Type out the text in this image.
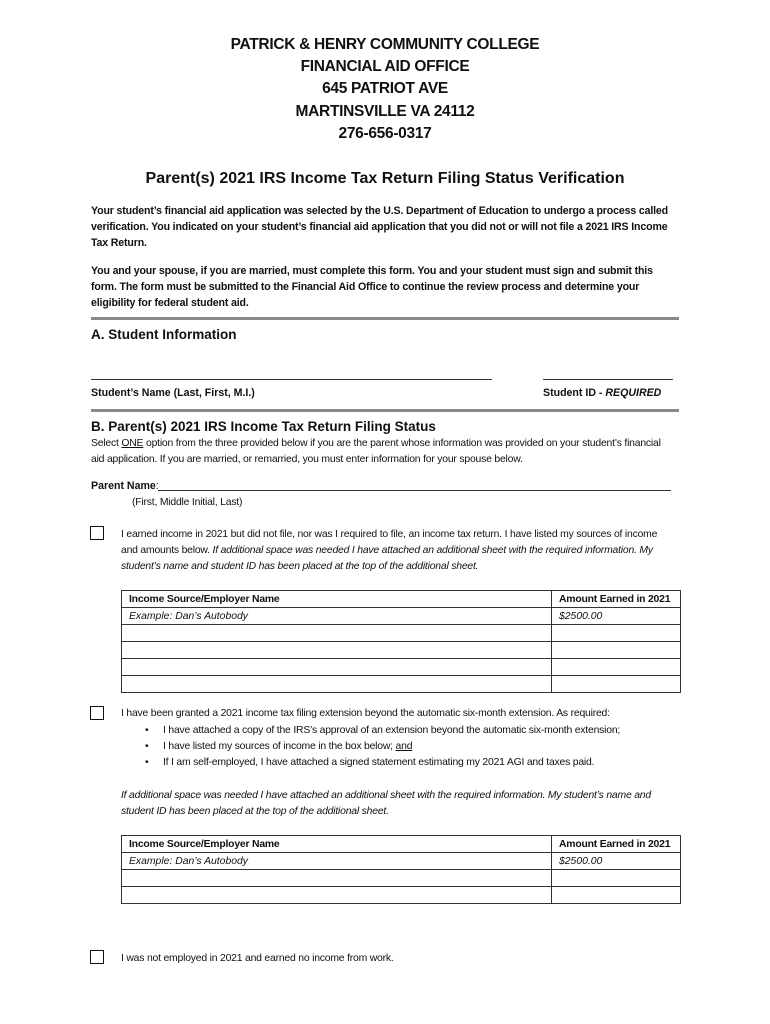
PATRICK & HENRY COMMUNITY COLLEGE
FINANCIAL AID OFFICE
645 PATRIOT AVE
MARTINSVILLE VA 24112
276-656-0317
Parent(s) 2021 IRS Income Tax Return Filing Status Verification
Your student’s financial aid application was selected by the U.S. Department of Education to undergo a process called verification. You indicated on your student’s financial aid application that you did not or will not file a 2021 IRS Income Tax Return.
You and your spouse, if you are married, must complete this form. You and your student must sign and submit this form. The form must be submitted to the Financial Aid Office to continue the review process and determine your eligibility for federal student aid.
A. Student Information
Student’s Name (Last, First, M.I.)	Student ID - REQUIRED
B. Parent(s) 2021 IRS Income Tax Return Filing Status
Select ONE option from the three provided below if you are the parent whose information was provided on your student’s financial aid application. If you are married, or remarried, you must enter information for your spouse below.
Parent Name:
(First, Middle Initial, Last)
I earned income in 2021 but did not file, nor was I required to file, an income tax return. I have listed my sources of income and amounts below. If additional space was needed I have attached an additional sheet with the required information. My student’s name and student ID has been placed at the top of the additional sheet.
Income Source/Employer Name	Amount Earned in 2021
Example: Dan’s Autobody	$2500.00

I have been granted a 2021 income tax filing extension beyond the automatic six-month extension. As required:
• I have attached a copy of the IRS’s approval of an extension beyond the automatic six-month extension;
• I have listed my sources of income in the box below; and
• If I am self-employed, I have attached a signed statement estimating my 2021 AGI and taxes paid.
If additional space was needed I have attached an additional sheet with the required information. My student’s name and student ID has been placed at the top of the additional sheet.
Income Source/Employer Name	Amount Earned in 2021
Example: Dan’s Autobody	$2500.00

I was not employed in 2021 and earned no income from work.
